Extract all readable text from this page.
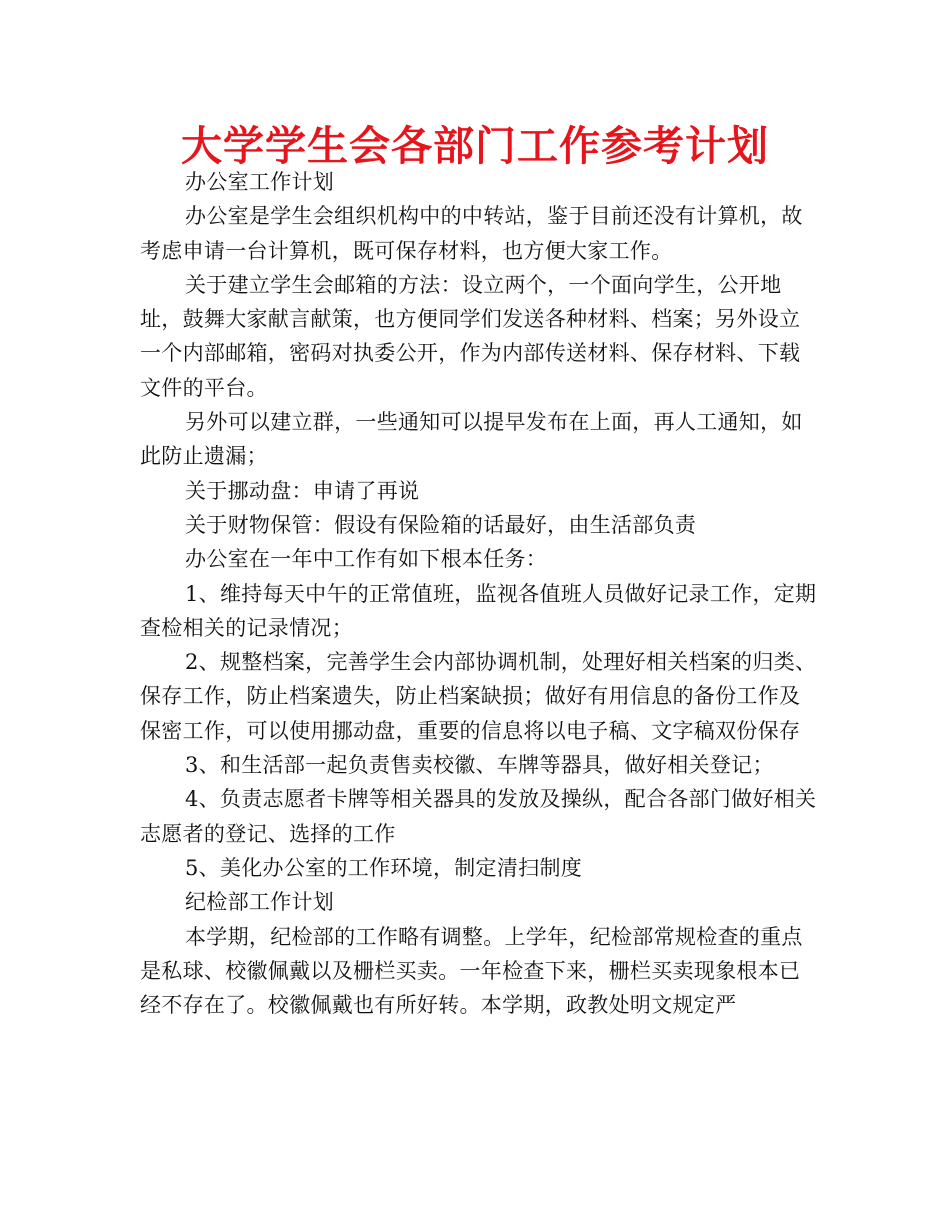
大学学生会各部门工作参考计划

办公室工作计划

办公室是学生会组织机构中的中转站，鉴于目前还没有计算机，故考虑申请一台计算机，既可保存材料，也方便大家工作。

关于建立学生会邮箱的方法：设立两个，一个面向学生，公开地址，鼓舞大家献言献策，也方便同学们发送各种材料、档案；另外设立一个内部邮箱，密码对执委公开，作为内部传送材料、保存材料、下载文件的平台。

另外可以建立群，一些通知可以提早发布在上面，再人工通知，如此防止遗漏；

关于挪动盘：申请了再说

关于财物保管：假设有保险箱的话最好，由生活部负责

办公室在一年中工作有如下根本任务：

1、维持每天中午的正常值班，监视各值班人员做好记录工作，定期查检相关的记录情况；

2、规整档案，完善学生会内部协调机制，处理好相关档案的归类、保存工作，防止档案遗失，防止档案缺损；做好有用信息的备份工作及保密工作，可以使用挪动盘，重要的信息将以电子稿、文字稿双份保存

3、和生活部一起负责售卖校徽、车牌等器具，做好相关登记；

4、负责志愿者卡牌等相关器具的发放及操纵，配合各部门做好相关志愿者的登记、选择的工作

5、美化办公室的工作环境，制定清扫制度

纪检部工作计划

本学期，纪检部的工作略有调整。上学年，纪检部常规检查的重点是私球、校徽佩戴以及栅栏买卖。一年检查下来，栅栏买卖现象根本已经不存在了。校徽佩戴也有所好转。本学期，政教处明文规定严
